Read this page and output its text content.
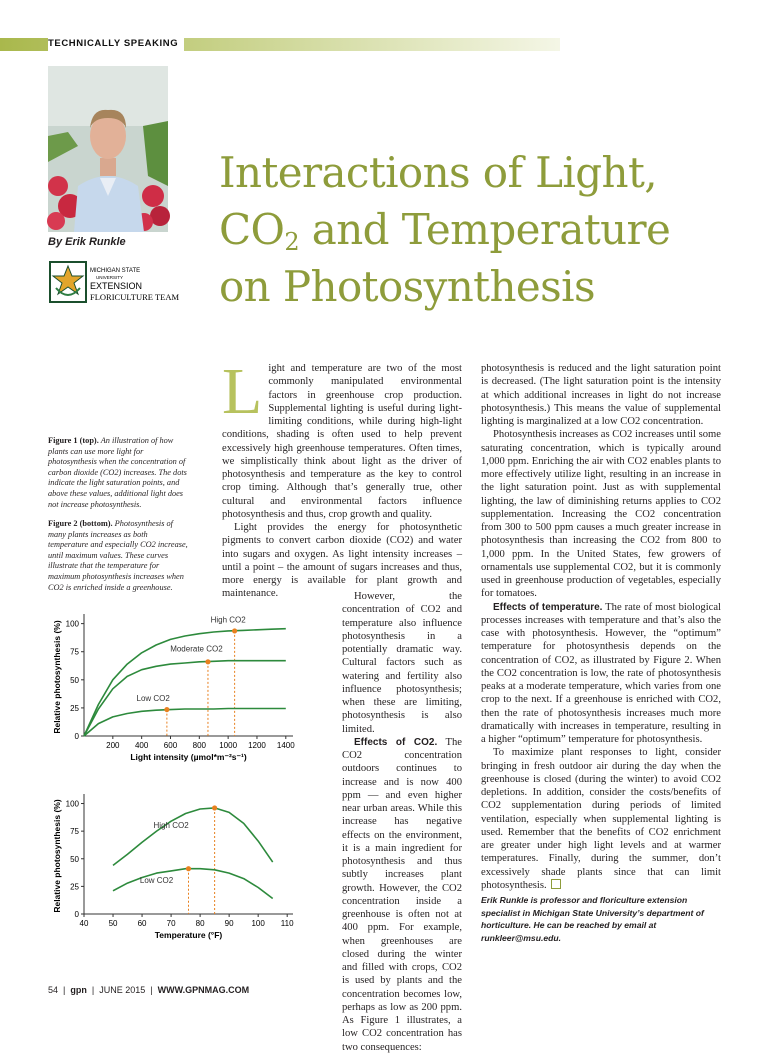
TECHNICALLY SPEAKING
By Erik Runkle
MICHIGAN STATE
UNIVERSITY
EXTENSION
FLORICULTURE TEAM
Interactions of Light,
$CO_2$ and Temperature
on Photosynthesis
Figure 1 (top). An illustration of how plants can use more light for photosynthesis when the concentration of carbon dioxide (CO2) increases. The dots indicate the light saturation points, and above these values, additional light does not increase photosynthesis.
Figure 2 (bottom). Photosynthesis of many plants increases as both temperature and especially CO2 increase, until maximum values. These curves illustrate that the temperature for maximum photosynthesis increases when CO2 is enriched inside a greenhouse.

Light and temperature are two of the most commonly manipulated environmental factors in greenhouse crop production. Supplemental lighting is useful during light-limiting conditions, while during high-light conditions, shading is often used to help prevent excessively high greenhouse temperatures. Often times, we simplistically think about light as the driver of photosynthesis and temperature as the key to control crop timing. Although that’s generally true, other cultural and environmental factors influence photosynthesis and thus, crop growth and quality.

Light provides the energy for photosynthetic pigments to convert carbon dioxide (CO2) and water into sugars and oxygen. As light intensity increases – until a point – the amount of sugars increases and thus, more energy is available for plant growth and maintenance.	However, the concentration of CO2 and temperature also influence photosynthesis in a potentially dramatic way. Cultural factors such as watering and fertility also influence photosynthesis; when these are limiting, photosynthesis is also limited.

Effects of CO2. The CO2 concentration outdoors continues to increase and is now 400 ppm — and even higher near urban areas. While this increase has negative effects on the environment, it is a main ingredient for photosynthesis and thus subtly increases plant growth. However, the CO2 concentration inside a greenhouse is often not at 400 ppm. For example, when greenhouses are closed during the winter and filled with crops, CO2 is used by plants and the concentration becomes low, perhaps as low as 200 ppm. As Figure 1 illustrates, a low CO2 concentration has two consequences:

photosynthesis is reduced and the light saturation point is decreased. (The light saturation point is the intensity at which additional increases in light do not increase photosynthesis.) This means the value of supplemental lighting is marginalized at a low CO2 concentration.

Photosynthesis increases as CO2 increases until some saturating concentration, which is typically around 1,000 ppm. Enriching the air with CO2 enables plants to more effectively utilize light, resulting in an increase in the light saturation point. Just as with supplemental lighting, the law of diminishing returns applies to CO2 supplementation. Increasing the CO2 concentration from 300 to 500 ppm causes a much greater increase in photosynthesis than increasing the CO2 from 800 to 1,000 ppm. In the United States, few growers of ornamentals use supplemental CO2, but it is commonly used in greenhouse production of vegetables, especially for tomatoes.

Effects of temperature. The rate of most biological processes increases with temperature and that’s also the case with photosynthesis. However, the “optimum” temperature for photosynthesis depends on the concentration of CO2, as illustrated by Figure 2. When the CO2 concentration is low, the rate of photosynthesis peaks at a moderate temperature, which varies from one crop to the next. If a greenhouse is enriched with CO2, then the rate of photosynthesis increases much more dramatically with increases in temperature, resulting in a higher “optimum” temperature for photosynthesis.

To maximize plant responses to light, consider bringing in fresh outdoor air during the day when the greenhouse is closed (during the winter) to avoid CO2 depletions. In addition, consider the costs/benefits of CO2 supplementation during periods of limited ventilation, especially when supplemental lighting is used. Remember that the benefits of CO2 enrichment are greater under high light levels and at warmer temperatures. Finally, during the summer, don’t excessively shade plants since that can limit photosynthesis.

Erik Runkle is professor and floriculture extension specialist in Michigan State University’s department of horticulture. He can be reached by email at runkleer@msu.edu.
54  |  gpn  |  JUNE 2015  |  WWW.GPNMAG.COM
0
25
50
75
100
200 400 600 800 1000 1200 1400
Light intensity (µmol*m⁻²s⁻¹)
Relative photosynthesis (%)
High CO2
Moderate CO2
Low CO2
0
25
50
75
100
40	50	60	70	80	90 100 110
Temperature (°F)
Relative photosynthesis (%)	High CO2
Low CO2
